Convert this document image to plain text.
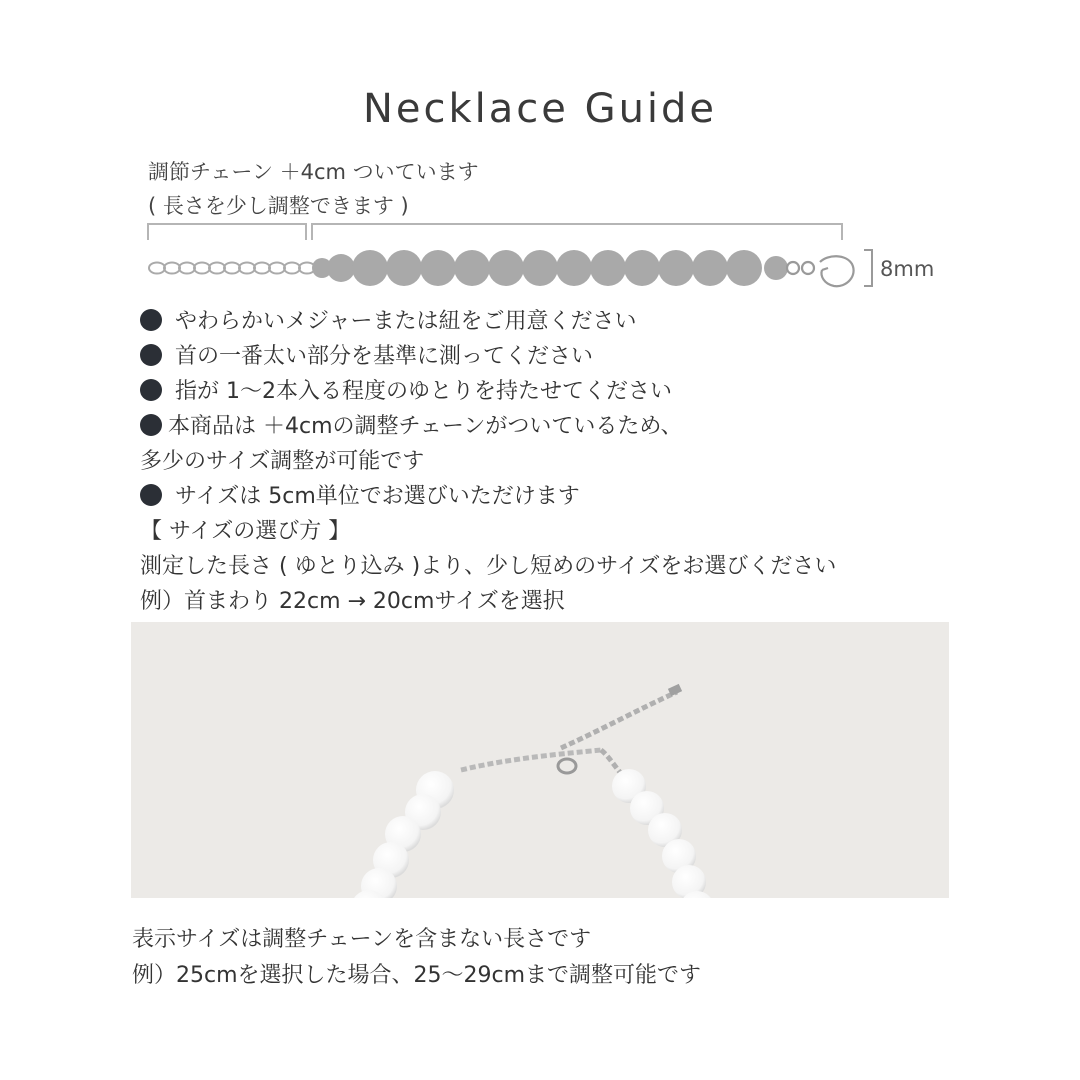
Necklace Guide
調節チェーン ＋4cm ついています
( 長さを少し調整できます )
8mm
やわらかいメジャーまたは紐をご用意ください
首の一番太い部分を基準に測ってください
指が 1〜2本入る程度のゆとりを持たせてください
本商品は ＋4cmの調整チェーンがついているため、
多少のサイズ調整が可能です
サイズは 5cm単位でお選びいただけます
【 サイズの選び方 】
測定した長さ ( ゆとり込み )より、少し短めのサイズをお選びください
例）首まわり 22cm → 20cmサイズを選択
表示サイズは調整チェーンを含まない長さです
例）25cmを選択した場合、25〜29cmまで調整可能です
